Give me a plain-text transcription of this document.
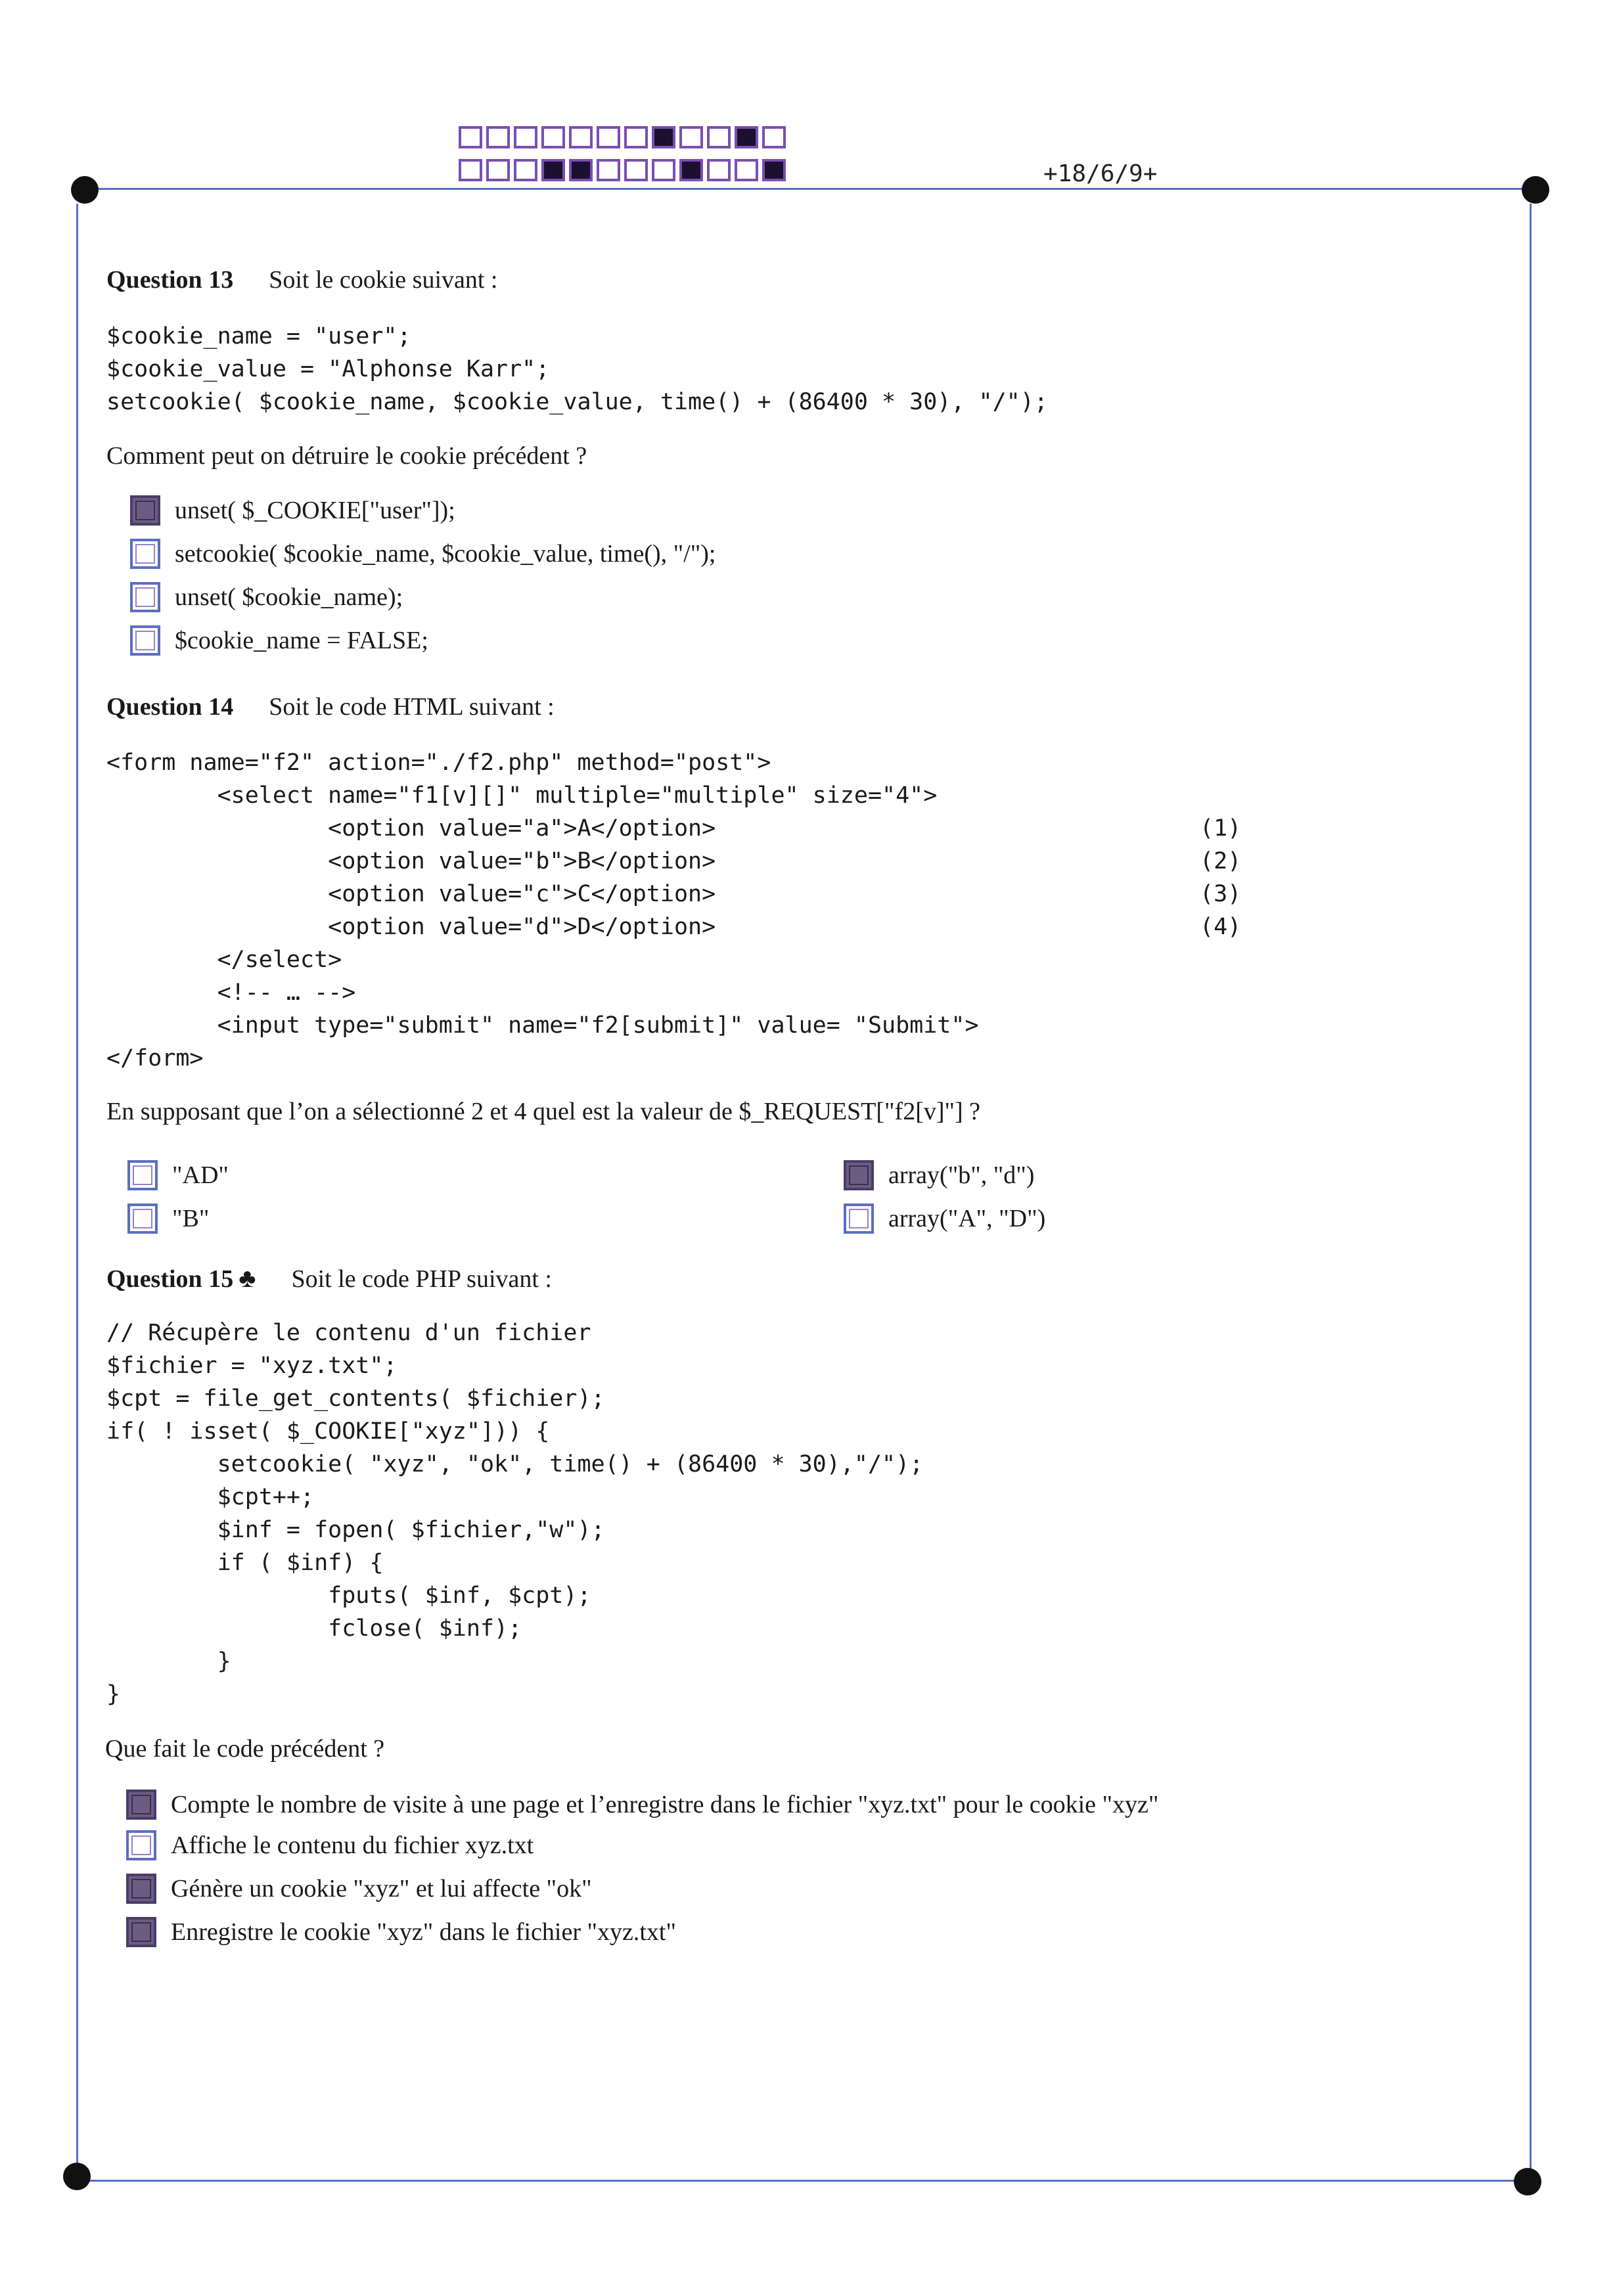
+18/6/9+
Question 13 Soit le cookie suivant :
$cookie_name = "user";
$cookie_value = "Alphonse Karr";
setcookie( $cookie_name, $cookie_value, time() + (86400 * 30), "/");
Comment peut on détruire le cookie précédent ?
unset( $_COOKIE["user"]);
setcookie( $cookie_name, $cookie_value, time(), "/");
unset( $cookie_name);
$cookie_name = FALSE;
Question 14 Soit le code HTML suivant :
<form name="f2" action="./f2.php" method="post">
<select name="f1[v][]" multiple="multiple" size="4">
<option value="a">A</option>
<option value="b">B</option>
<option value="c">C</option>
<option value="d">D</option>
</select>
<!-- … -->
<input type="submit" name="f2[submit]" value= "Submit">
</form>
(1)
(2)
(3)
(4)
En supposant que l’on a sélectionné 2 et 4 quel est la valeur de $_REQUEST["f2[v]"] ?
"AD"	array("b", "d")
"B"	array("A", "D")
Question 15 ♣ Soit le code PHP suivant :
// Récupère le contenu d'un fichier
$fichier = "xyz.txt";
$cpt = file_get_contents( $fichier);
if( ! isset( $_COOKIE["xyz"])) {
setcookie( "xyz", "ok", time() + (86400 * 30),"/");
$cpt++;
$inf = fopen( $fichier,"w");
if ( $inf) {
fputs( $inf, $cpt);
fclose( $inf);
}
}
Que fait le code précédent ?
Compte le nombre de visite à une page et l’enregistre dans le fichier "xyz.txt" pour le cookie "xyz"
Affiche le contenu du fichier xyz.txt
Génère un cookie "xyz" et lui affecte "ok"
Enregistre le cookie "xyz" dans le fichier "xyz.txt"
